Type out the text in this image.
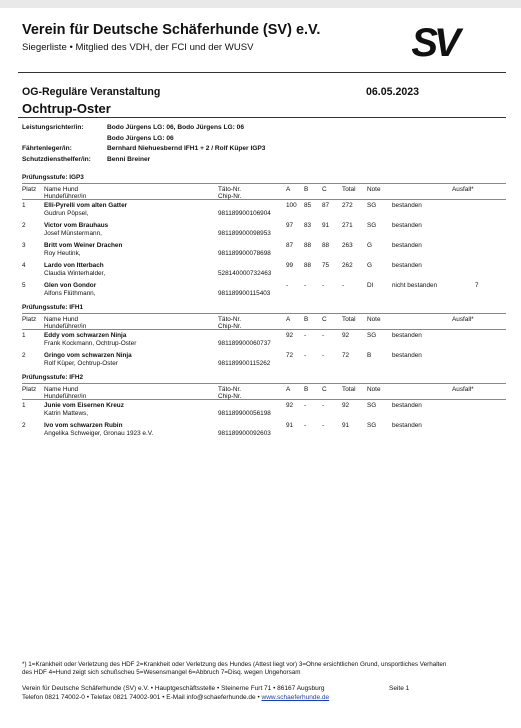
Verein für Deutsche Schäferhunde (SV) e.V.
Siegerliste • Mitglied des VDH, der FCI und der WUSV	SV
OG-Reguläre Veranstaltung	06.05.2023
Ochtrup-Oster
Leistungsrichter/in:	Bodo Jürgens LG: 06, Bodo Jürgens LG: 06
Bodo Jürgens LG: 06
Fährtenleger/in:	Bernhard Niehuesbernd IFH1 + 2 / Rolf Küper IGP3
Schutzdiensthelfer/in: Benni Breiner
Prüfungsstufe: IGP3
Platz Name Hund
Hundeführer/in
Täto-Nr.
Chip-Nr.
A B C Total Note	Ausfall*
1	Elli-Pyrelli vom alten Gatter
Gudrun Pöpsel,	981189900106904
100 85 87 272 SG bestanden
2	Victor vom Brauhaus
Josef Münstermann,	981189900098953
97 83 91 271 SG bestanden
3	Britt vom Weiner Drachen
Roy Heutink,	981189900078698
87 88 88 263 G	bestanden
4	Lardo von Itterbach
Claudia Winterhalder,	528140000732463
99 88 75 262 G	bestanden
5	Glen von Gondor
Alfons Flüthmann,	981189900115403
- - -	-	DI	nicht bestanden	7
Prüfungsstufe: IFH1
Platz Name Hund
Hundeführer/in
Täto-Nr.
Chip-Nr.
A B C Total Note	Ausfall*
1	Eddy vom schwarzen Ninja
Frank Kockmann, Ochtrup-Oster	981189900060737
92 - -	92	SG bestanden
2	Gringo vom schwarzen Ninja
Rolf Küper, Ochtrup-Oster	981189900115262
72 - -	72	B	bestanden
Prüfungsstufe: IFH2
Platz Name Hund
Hundeführer/in
Täto-Nr.
Chip-Nr.
A B C Total Note	Ausfall*
1	Junie vom Eisernen Kreuz
Katrin Mattews,	981189900056198
92 - -	92	SG bestanden
2	Ivo vom schwarzen Rubin
Angelika Schweiger, Gronau 1923 e.V.	981189900092603
91 - -	91	SG bestanden
*) 1=Krankheit oder Verletzung des HDF 2=Krankheit oder Verletzung des Hundes (Attest liegt vor) 3=Ohne ersichtlichen Grund, unsportliches Verhalten
des HDF 4=Hund zeigt sich schußscheu 5=Wesensmangel 6=Abbruch 7=Disq. wegen Ungehorsam
Verein für Deutsche Schäferhunde (SV) e.V. • Hauptgeschäftsstelle • Steinerne Furt 71 • 86167 Augsburg
Telefon 0821 74002-0 • Telefax 0821 74002-901 • E-Mail info@schaeferhunde.de • www.schaeferhunde.de
Seite 1
